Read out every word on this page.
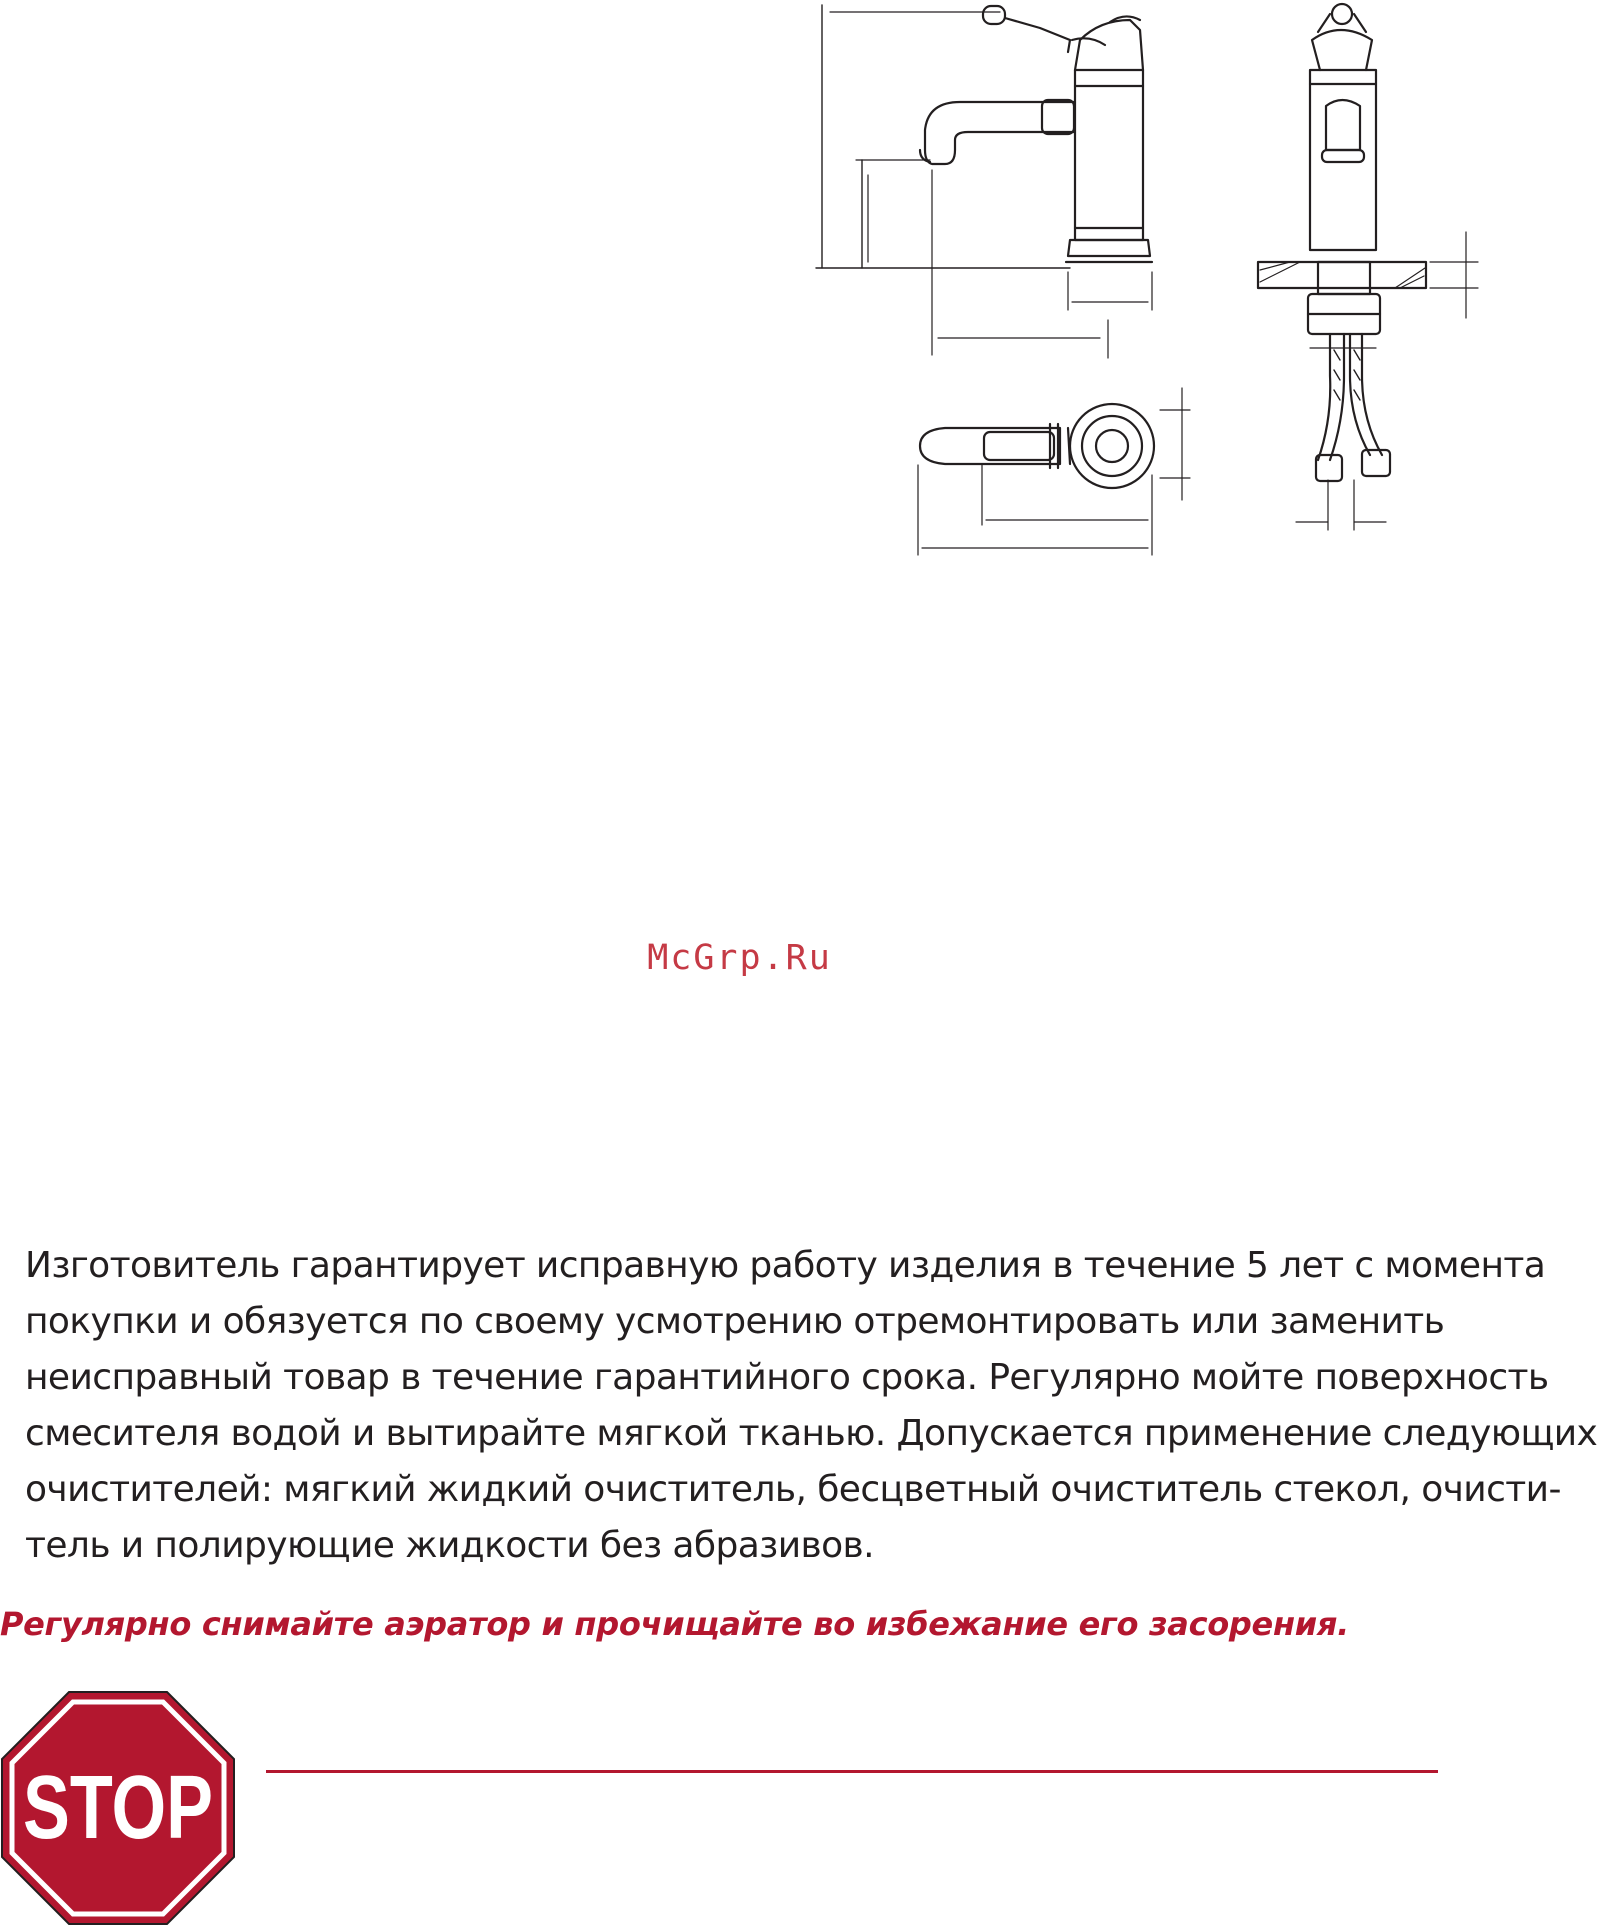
McGrp.Ru
Изготовитель гарантирует исправную работу изделия в течение 5 лет с момента
покупки и обязуется по своему усмотрению отремонтировать или заменить
неисправный товар в течение гарантийного срока. Регулярно мойте поверхность
смесителя водой и вытирайте мягкой тканью. Допускается применение следующих
очистителей: мягкий жидкий очиститель, бесцветный очиститель стекол, очисти-
тель и полирующие жидкости без абразивов.
Регулярно снимайте аэратор и прочищайте во избежание его засорения.
STOP
